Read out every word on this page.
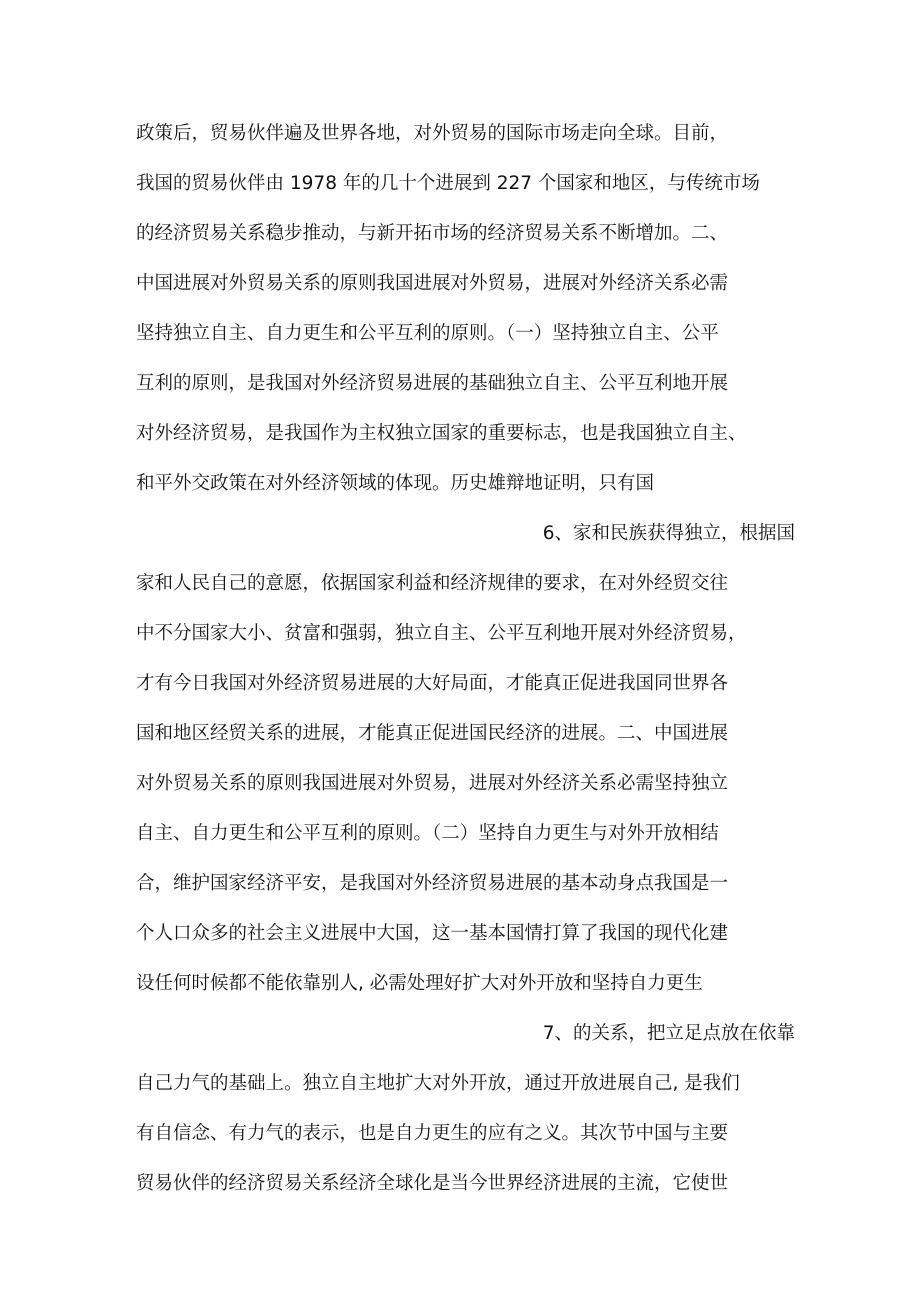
政策后，贸易伙伴遍及世界各地，对外贸易的国际市场走向全球。目前，
我国的贸易伙伴由 1978 年的几十个进展到 227 个国家和地区，与传统市场
的经济贸易关系稳步推动，与新开拓市场的经济贸易关系不断增加。二、
中国进展对外贸易关系的原则我国进展对外贸易，进展对外经济关系必需
坚持独立自主、自力更生和公平互利的原则。（一）坚持独立自主、公平
互利的原则，是我国对外经济贸易进展的基础独立自主、公平互利地开展
对外经济贸易，是我国作为主权独立国家的重要标志，也是我国独立自主、
和平外交政策在对外经济领域的体现。历史雄辩地证明，只有国
6、家和民族获得独立，根据国
家和人民自己的意愿，依据国家利益和经济规律的要求，在对外经贸交往
中不分国家大小、贫富和强弱，独立自主、公平互利地开展对外经济贸易，
才有今日我国对外经济贸易进展的大好局面，才能真正促进我国同世界各
国和地区经贸关系的进展，才能真正促进国民经济的进展。二、中国进展
对外贸易关系的原则我国进展对外贸易，进展对外经济关系必需坚持独立
自主、自力更生和公平互利的原则。（二）坚持自力更生与对外开放相结
合，维护国家经济平安，是我国对外经济贸易进展的基本动身点我国是一
个人口众多的社会主义进展中大国，这一基本国情打算了我国的现代化建
设任何时候都不能依靠别人, 必需处理好扩大对外开放和坚持自力更生
7、的关系，把立足点放在依靠
自己力气的基础上。独立自主地扩大对外开放，通过开放进展自己, 是我们
有自信念、有力气的表示，也是自力更生的应有之义。其次节中国与主要
贸易伙伴的经济贸易关系经济全球化是当今世界经济进展的主流，它使世
